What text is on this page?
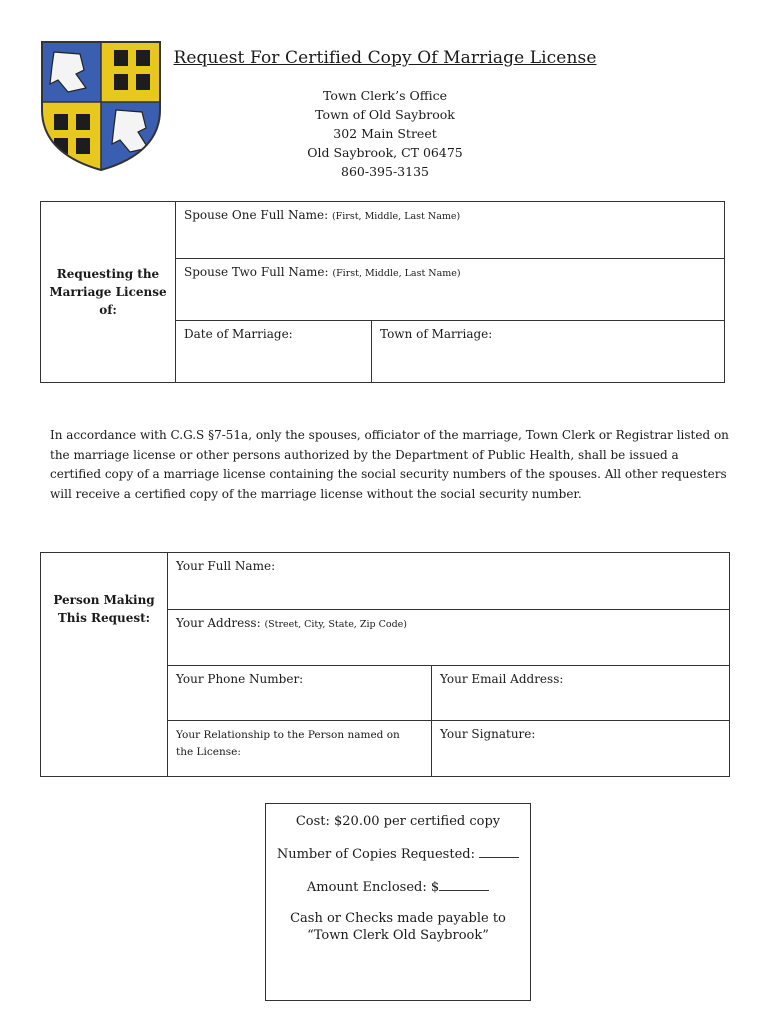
Request For Certified Copy Of Marriage License
Town Clerk’s Office
Town of Old Saybrook
302 Main Street
Old Saybrook, CT 06475
860-395-3135
Requesting the
Marriage License
of:	Spouse One Full Name: (First, Middle, Last Name)	

	Spouse Two Full Name: (First, Middle, Last Name)	

	Date of Marriage:	Town of Marriage:
In accordance with C.G.S §7-51a, only the spouses, officiator of the marriage, Town Clerk or Registrar listed on the marriage license or other persons authorized by the Department of Public Health, shall be issued a certified copy of a marriage license containing the social security numbers of the spouses. All other requesters will receive a certified copy of the marriage license without the social security number.
Person Making
This Request:	Your Full Name:	

	Your Address: (Street, City, State, Zip Code)	

	Your Phone Number:	Your Email Address:

	Your Relationship to the Person named on
the License:	Your Signature:
Cost: $20.00 per certified copy
Number of Copies Requested:
Amount Enclosed: $
Cash or Checks made payable to
“Town Clerk Old Saybrook”
